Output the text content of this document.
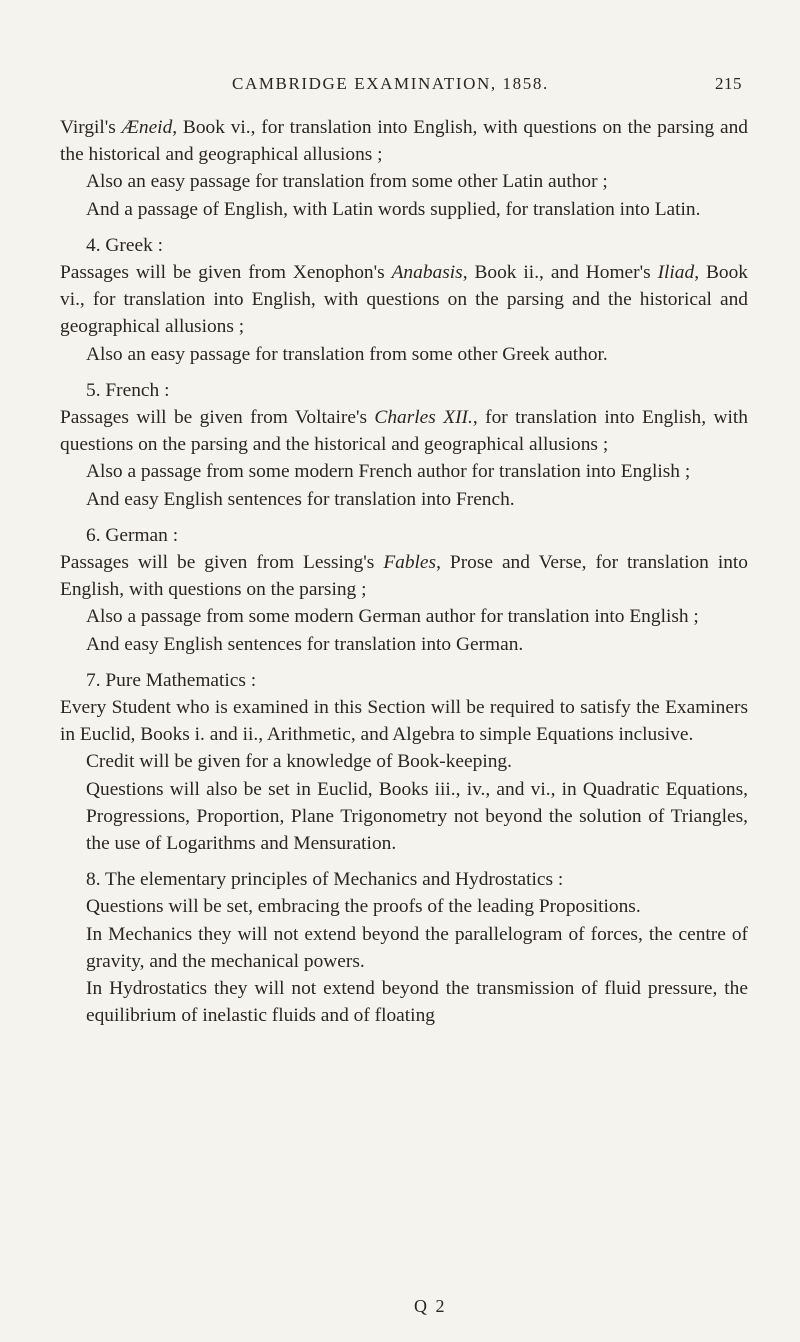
CAMBRIDGE EXAMINATION, 1858.	215

Virgil's Æneid, Book vi., for translation into English, with questions on the parsing and the historical and geographical allusions ;

Also an easy passage for translation from some other Latin author ;

And a passage of English, with Latin words supplied, for translation into Latin.

4. Greek :

Passages will be given from Xenophon's Anabasis, Book ii., and Homer's Iliad, Book vi., for translation into English, with questions on the parsing and the historical and geographical allusions ;

Also an easy passage for translation from some other Greek author.

5. French :

Passages will be given from Voltaire's Charles XII., for translation into English, with questions on the parsing and the historical and geographical allusions ;

Also a passage from some modern French author for translation into English ;

And easy English sentences for translation into French.

6. German :

Passages will be given from Lessing's Fables, Prose and Verse, for translation into English, with questions on the parsing ;

Also a passage from some modern German author for translation into English ;

And easy English sentences for translation into German.

7. Pure Mathematics :

Every Student who is examined in this Section will be required to satisfy the Examiners in Euclid, Books i. and ii., Arithmetic, and Algebra to simple Equations inclusive.

Credit will be given for a knowledge of Book-keeping.

Questions will also be set in Euclid, Books iii., iv., and vi., in Quadratic Equations, Progressions, Proportion, Plane Trigonometry not beyond the solution of Triangles, the use of Logarithms and Mensuration.

8. The elementary principles of Mechanics and Hydrostatics :

Questions will be set, embracing the proofs of the leading Propositions.

In Mechanics they will not extend beyond the parallelogram of forces, the centre of gravity, and the mechanical powers.

In Hydrostatics they will not extend beyond the transmission of fluid pressure, the equilibrium of inelastic fluids and of floating

Q 2
